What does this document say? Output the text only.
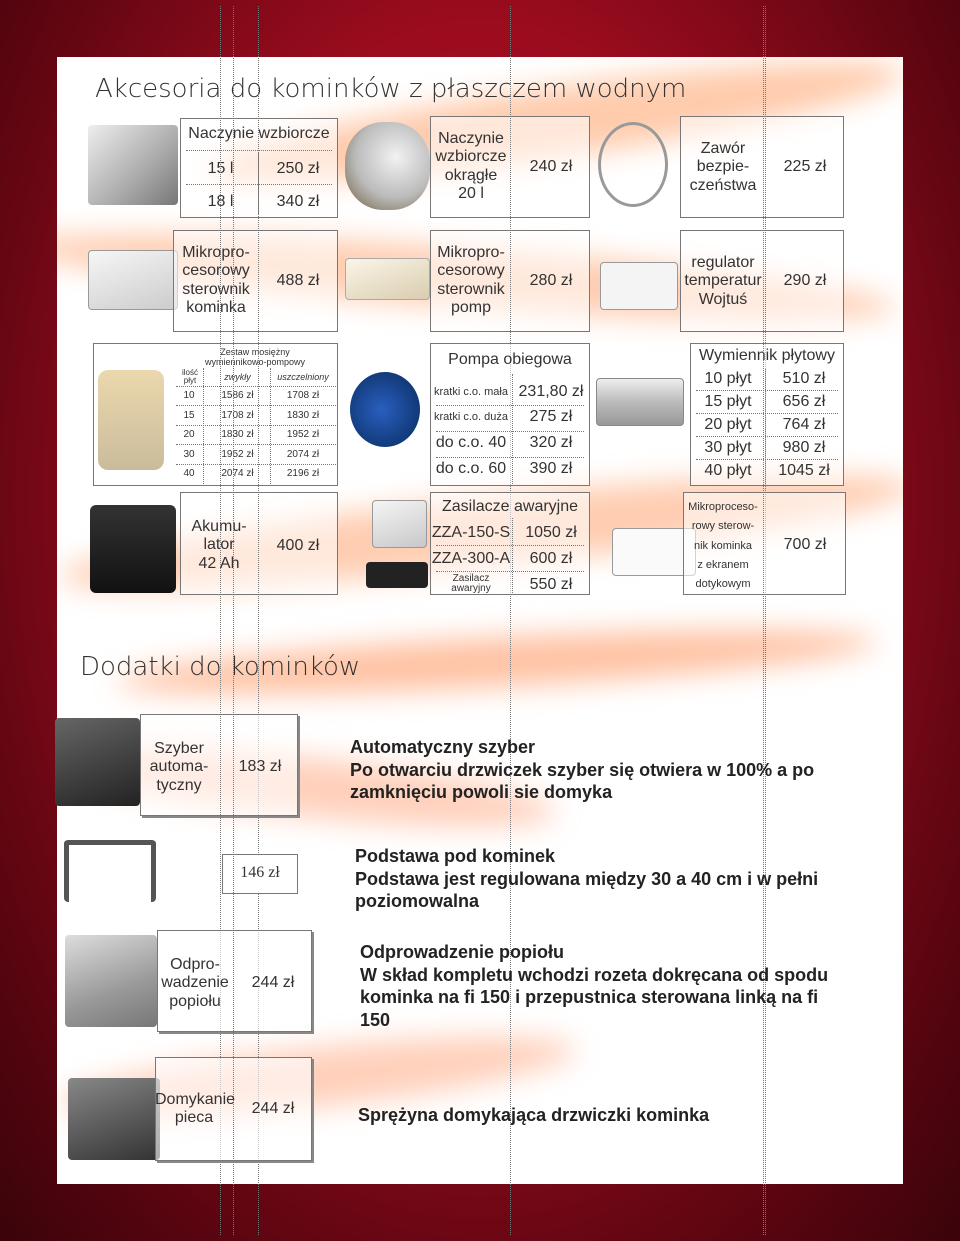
Akcesoria do kominków z płaszczem wodnym
Naczynie wzbiorcze
15 l	250 zł
18 l	340 zł
Naczynie
wzbiorcze
okrągłe
20 l
240 zł
Zawór
bezpie-
czeństwa
225 zł
Mikropro-
cesorowy
sterownik
kominka
488 zł
Mikropro-
cesorowy
sterownik
pomp
280 zł
regulator
temperatur
Wojtuś
290 zł
Zestaw mosiężny
wymiennikowo-pompowy
ilość
płyt	zwykły	uszczelniony
10	1586 zł	1708 zł
15	1708 zł	1830 zł
20	1830 zł	1952 zł
30	1952 zł	2074 zł
40	2074 zł	2196 zł
Pompa obiegowa
kratki c.o. mała 231,80 zł
kratki c.o. duża	275 zł
do c.o. 40	320 zł
do c.o. 60	390 zł
Wymiennik płytowy
10 płyt	510 zł
15 płyt	656 zł
20 płyt	764 zł
30 płyt	980 zł
40 płyt	1045 zł
Akumu-
lator
42 Ah
400 zł
Zasilacze awaryjne
ZZA-150-S 1050 zł
ZZA-300-A	600 zł
Zasilacz awaryjny	550 zł
Mikroproceso-
rowy sterow-
nik kominka
z ekranem
dotykowym
700 zł
Dodatki do kominków
Szyber
automa-
tyczny
183 zł
Automatyczny szyber
Po otwarciu drzwiczek szyber się otwiera w 100% a po
zamknięciu powoli sie domyka
146 zł
Podstawa pod kominek
Podstawa jest regulowana między 30 a 40 cm i w pełni
poziomowalna
Odpro-
wadzenie
popiołu
244 zł
Odprowadzenie popiołu
W skład kompletu wchodzi rozeta dokręcana od spodu
kominka na fi 150 i przepustnica sterowana linką na fi
150
Domykanie
pieca
244 zł	Sprężyna domykająca drzwiczki kominka
